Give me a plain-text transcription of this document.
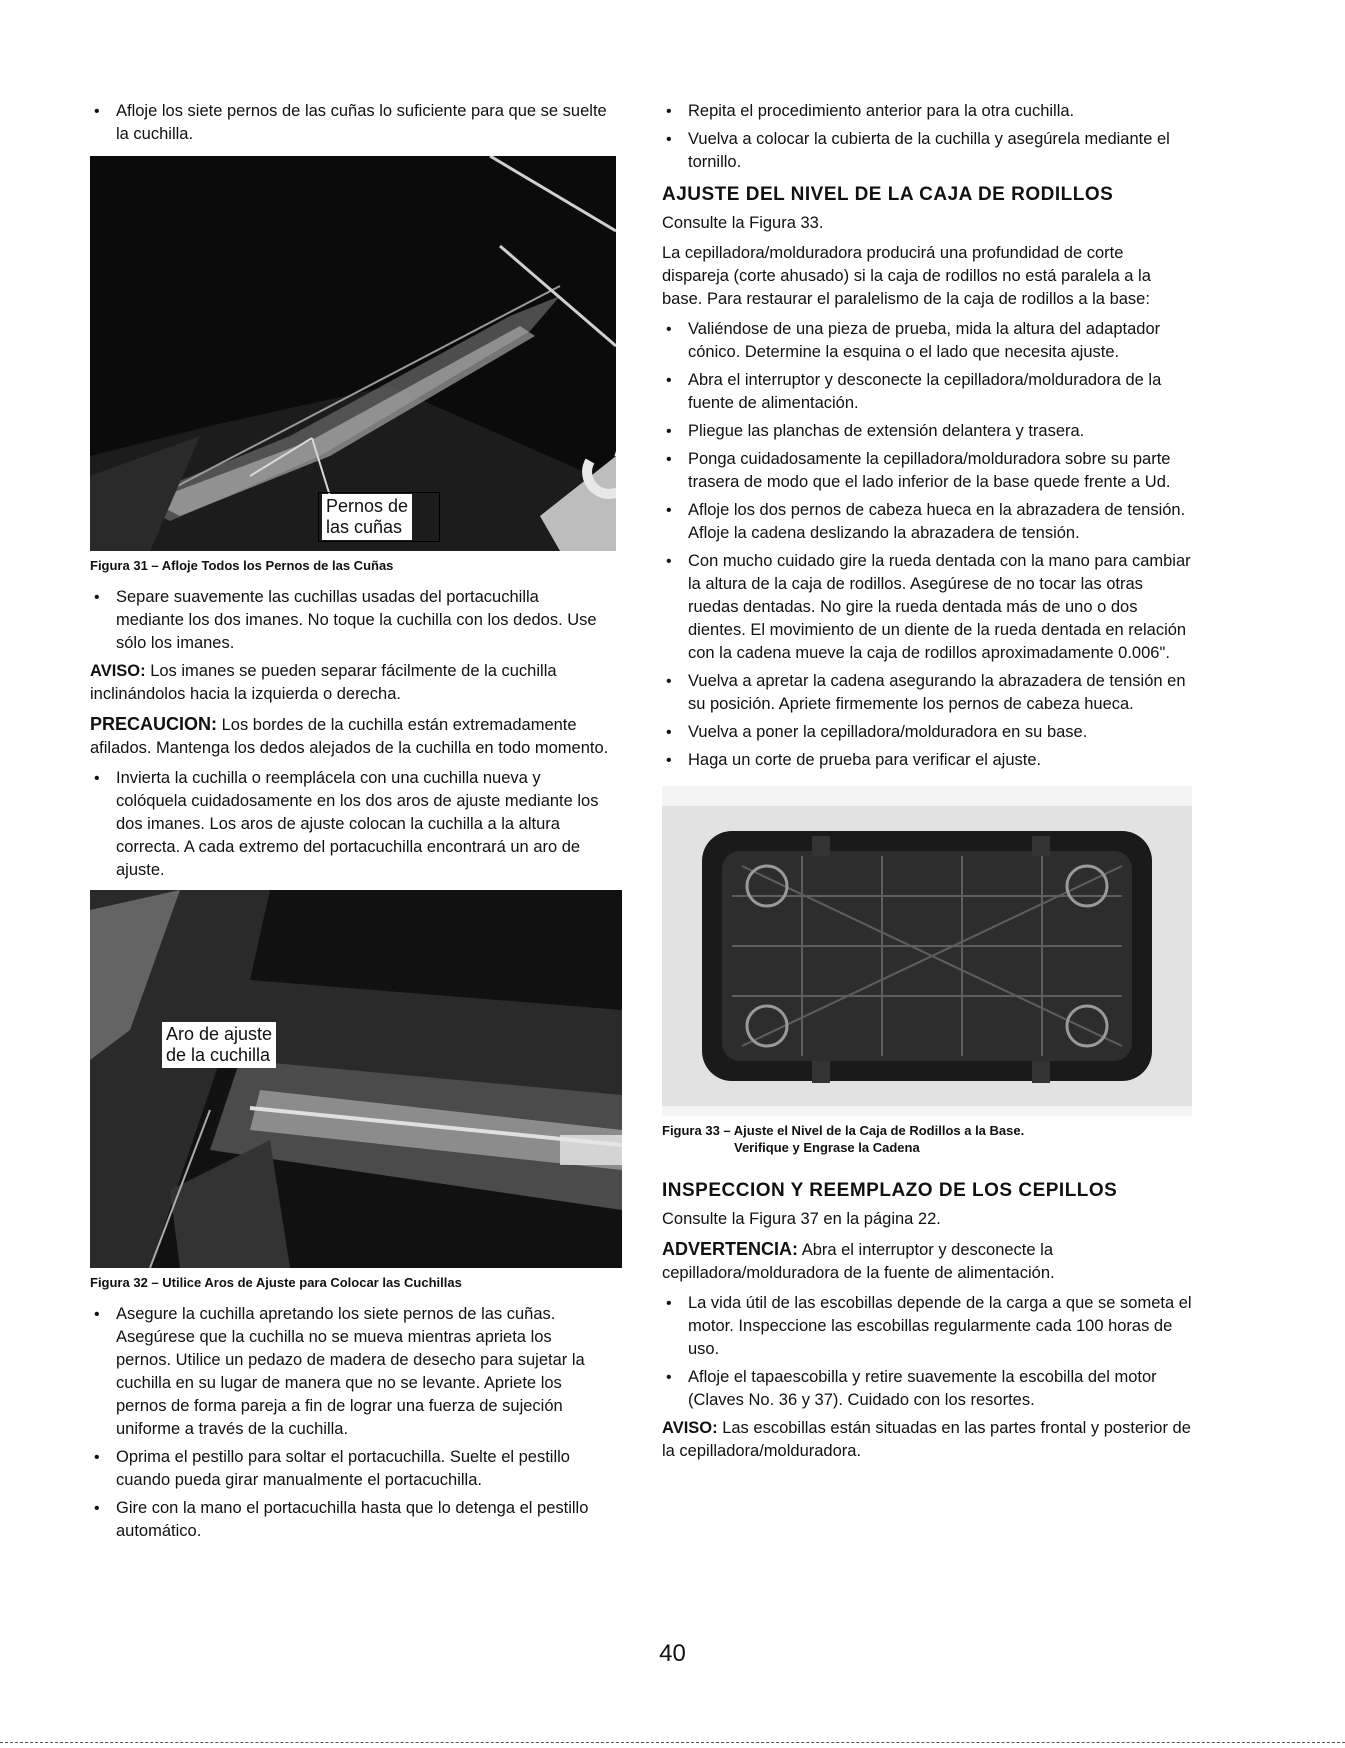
• Afloje los siete pernos de las cuñas lo suficiente para que se suelte la cuchilla.
Pernos de
las cuñas
Figura 31 – Afloje Todos los Pernos de las Cuñas
• Separe suavemente las cuchillas usadas del portacuchilla mediante los dos imanes. No toque la cuchilla con los dedos. Use sólo los imanes.

AVISO: Los imanes se pueden separar fácilmente de la cuchilla inclinándolos hacia la izquierda o derecha.

PRECAUCION: Los bordes de la cuchilla están extremadamente afilados. Mantenga los dedos alejados de la cuchilla en todo momento.

• Invierta la cuchilla o reemplácela con una cuchilla nueva y colóquela cuidadosamente en los dos aros de ajuste mediante los dos imanes. Los aros de ajuste colocan la cuchilla a la altura correcta. A cada extremo del portacuchilla encontrará un aro de ajuste.
Aro de ajuste
de la cuchilla
Figura 32 – Utilice Aros de Ajuste para Colocar las Cuchillas
• Asegure la cuchilla apretando los siete pernos de las cuñas. Asegúrese que la cuchilla no se mueva mientras aprieta los pernos. Utilice un pedazo de madera de desecho para sujetar la cuchilla en su lugar de manera que no se levante. Apriete los pernos de forma pareja a fin de lograr una fuerza de sujeción uniforme a través de la cuchilla.
• Oprima el pestillo para soltar el portacuchilla. Suelte el pestillo cuando pueda girar manualmente el portacuchilla.
• Gire con la mano el portacuchilla hasta que lo detenga el pestillo automático.
• Repita el procedimiento anterior para la otra cuchilla.
• Vuelva a colocar la cubierta de la cuchilla y asegúrela mediante el tornillo.
AJUSTE DEL NIVEL DE LA CAJA DE RODILLOS

Consulte la Figura 33.

La cepilladora/molduradora producirá una profundidad de corte dispareja (corte ahusado) si la caja de rodillos no está paralela a la base. Para restaurar el paralelismo de la caja de rodillos a la base:

• Valiéndose de una pieza de prueba, mida la altura del adaptador cónico. Determine la esquina o el lado que necesita ajuste.
• Abra el interruptor y desconecte la cepilladora/molduradora de la fuente de alimentación.
• Pliegue las planchas de extensión delantera y trasera.
• Ponga cuidadosamente la cepilladora/molduradora sobre su parte trasera de modo que el lado inferior de la base quede frente a Ud.
• Afloje los dos pernos de cabeza hueca en la abrazadera de tensión. Afloje la cadena deslizando la abrazadera de tensión.
• Con mucho cuidado gire la rueda dentada con la mano para cambiar la altura de la caja de rodillos. Asegúrese de no tocar las otras ruedas dentadas. No gire la rueda dentada más de uno o dos dientes. El movimiento de un diente de la rueda dentada en relación con la cadena mueve la caja de rodillos aproximadamente 0.006".
• Vuelva a apretar la cadena asegurando la abrazadera de tensión en su posición. Apriete firmemente los pernos de cabeza hueca.
• Vuelva a poner la cepilladora/molduradora en su base.
• Haga un corte de prueba para verificar el ajuste.
Figura 33 – Ajuste el Nivel de la Caja de Rodillos a la Base.
Verifique y Engrase la Cadena
INSPECCION Y REEMPLAZO DE LOS CEPILLOS

Consulte la Figura 37 en la página 22.

ADVERTENCIA: Abra el interruptor y desconecte la cepilladora/molduradora de la fuente de alimentación.

• La vida útil de las escobillas depende de la carga a que se someta el motor. Inspeccione las escobillas regularmente cada 100 horas de uso.
• Afloje el tapaescobilla y retire suavemente la escobilla del motor (Claves No. 36 y 37). Cuidado con los resortes.

AVISO: Las escobillas están situadas en las partes frontal y posterior de la cepilladora/molduradora.

40
